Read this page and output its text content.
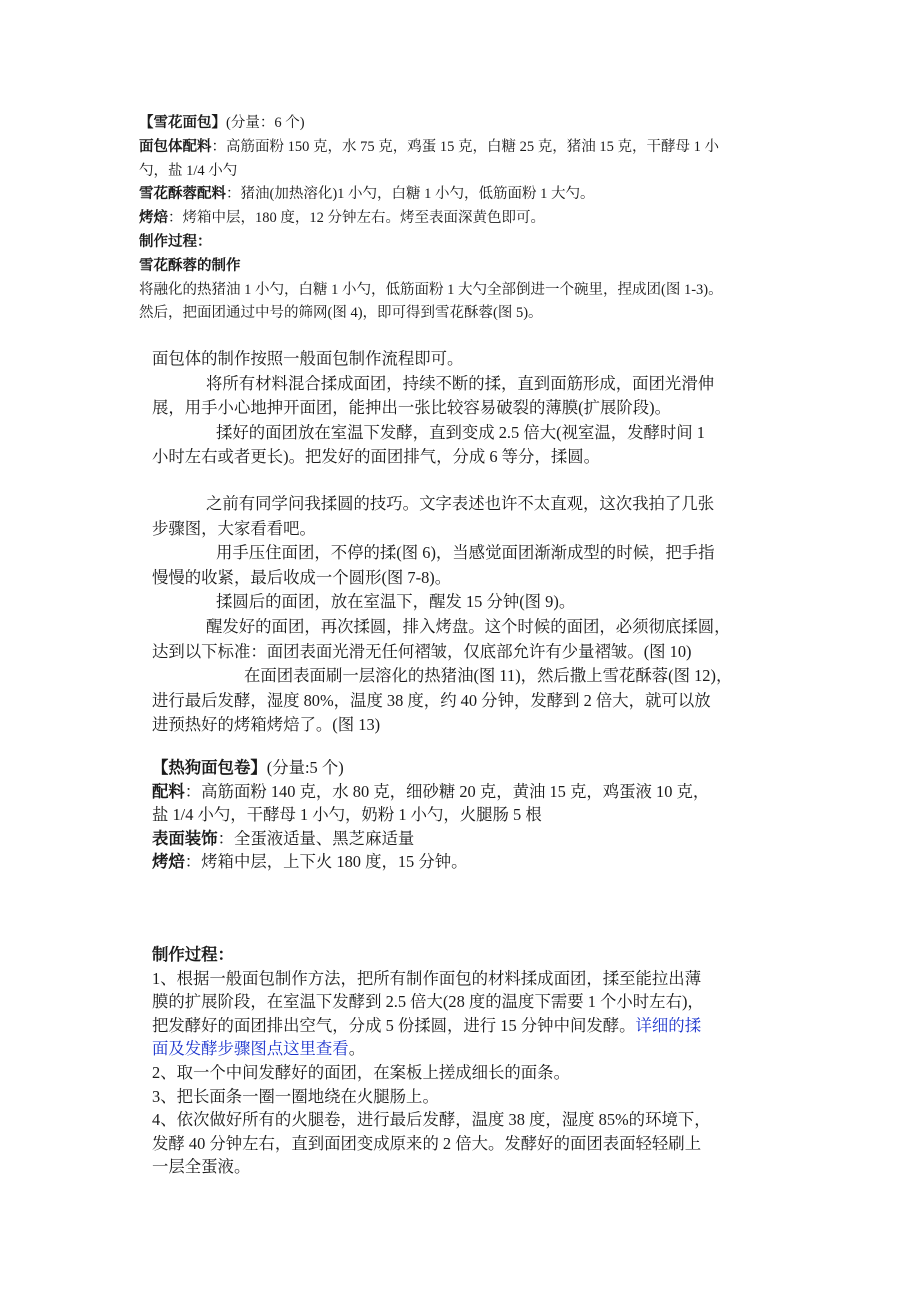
【雪花面包】(分量：6 个)
面包体配料：高筋面粉 150 克，水 75 克，鸡蛋 15 克，白糖 25 克，猪油 15 克，干酵母 1 小
勺，盐 1/4 小勺
雪花酥蓉配料：猪油(加热溶化)1 小勺，白糖 1 小勺，低筋面粉 1 大勺。
烤焙：烤箱中层，180 度，12 分钟左右。烤至表面深黄色即可。
制作过程：
雪花酥蓉的制作
将融化的热猪油 1 小勺，白糖 1 小勺，低筋面粉 1 大勺全部倒进一个碗里，捏成团(图 1-3)。
然后，把面团通过中号的筛网(图 4)，即可得到雪花酥蓉(图 5)。
面包体的制作按照一般面包制作流程即可。
将所有材料混合揉成面团，持续不断的揉，直到面筋形成，面团光滑伸
展，用手小心地抻开面团，能抻出一张比较容易破裂的薄膜(扩展阶段)。
揉好的面团放在室温下发酵，直到变成 2.5 倍大(视室温，发酵时间 1
小时左右或者更长)。把发好的面团排气，分成 6 等分，揉圆。
之前有同学问我揉圆的技巧。文字表述也许不太直观，这次我拍了几张
步骤图，大家看看吧。
用手压住面团，不停的揉(图 6)，当感觉面团渐渐成型的时候，把手指
慢慢的收紧，最后收成一个圆形(图 7-8)。
揉圆后的面团，放在室温下，醒发 15 分钟(图 9)。
醒发好的面团，再次揉圆，排入烤盘。这个时候的面团，必须彻底揉圆，
达到以下标准：面团表面光滑无任何褶皱，仅底部允许有少量褶皱。(图 10)
在面团表面刷一层溶化的热猪油(图 11)，然后撒上雪花酥蓉(图 12)，
进行最后发酵，湿度 80%，温度 38 度，约 40 分钟，发酵到 2 倍大，就可以放
进预热好的烤箱烤焙了。(图 13)
【热狗面包卷】(分量:5 个)
配料：高筋面粉 140 克，水 80 克，细砂糖 20 克，黄油 15 克，鸡蛋液 10 克，
盐 1/4 小勺，干酵母 1 小勺，奶粉 1 小勺，火腿肠 5 根
表面装饰：全蛋液适量、黑芝麻适量
烤焙：烤箱中层，上下火 180 度，15 分钟。
制作过程：
1、根据一般面包制作方法，把所有制作面包的材料揉成面团，揉至能拉出薄
膜的扩展阶段，在室温下发酵到 2.5 倍大(28 度的温度下需要 1 个小时左右)，
把发酵好的面团排出空气，分成 5 份揉圆，进行 15 分钟中间发酵。详细的揉
面及发酵步骤图点这里查看。
2、取一个中间发酵好的面团，在案板上搓成细长的面条。
3、把长面条一圈一圈地绕在火腿肠上。
4、依次做好所有的火腿卷，进行最后发酵，温度 38 度，湿度 85%的环境下，
发酵 40 分钟左右，直到面团变成原来的 2 倍大。发酵好的面团表面轻轻刷上
一层全蛋液。
